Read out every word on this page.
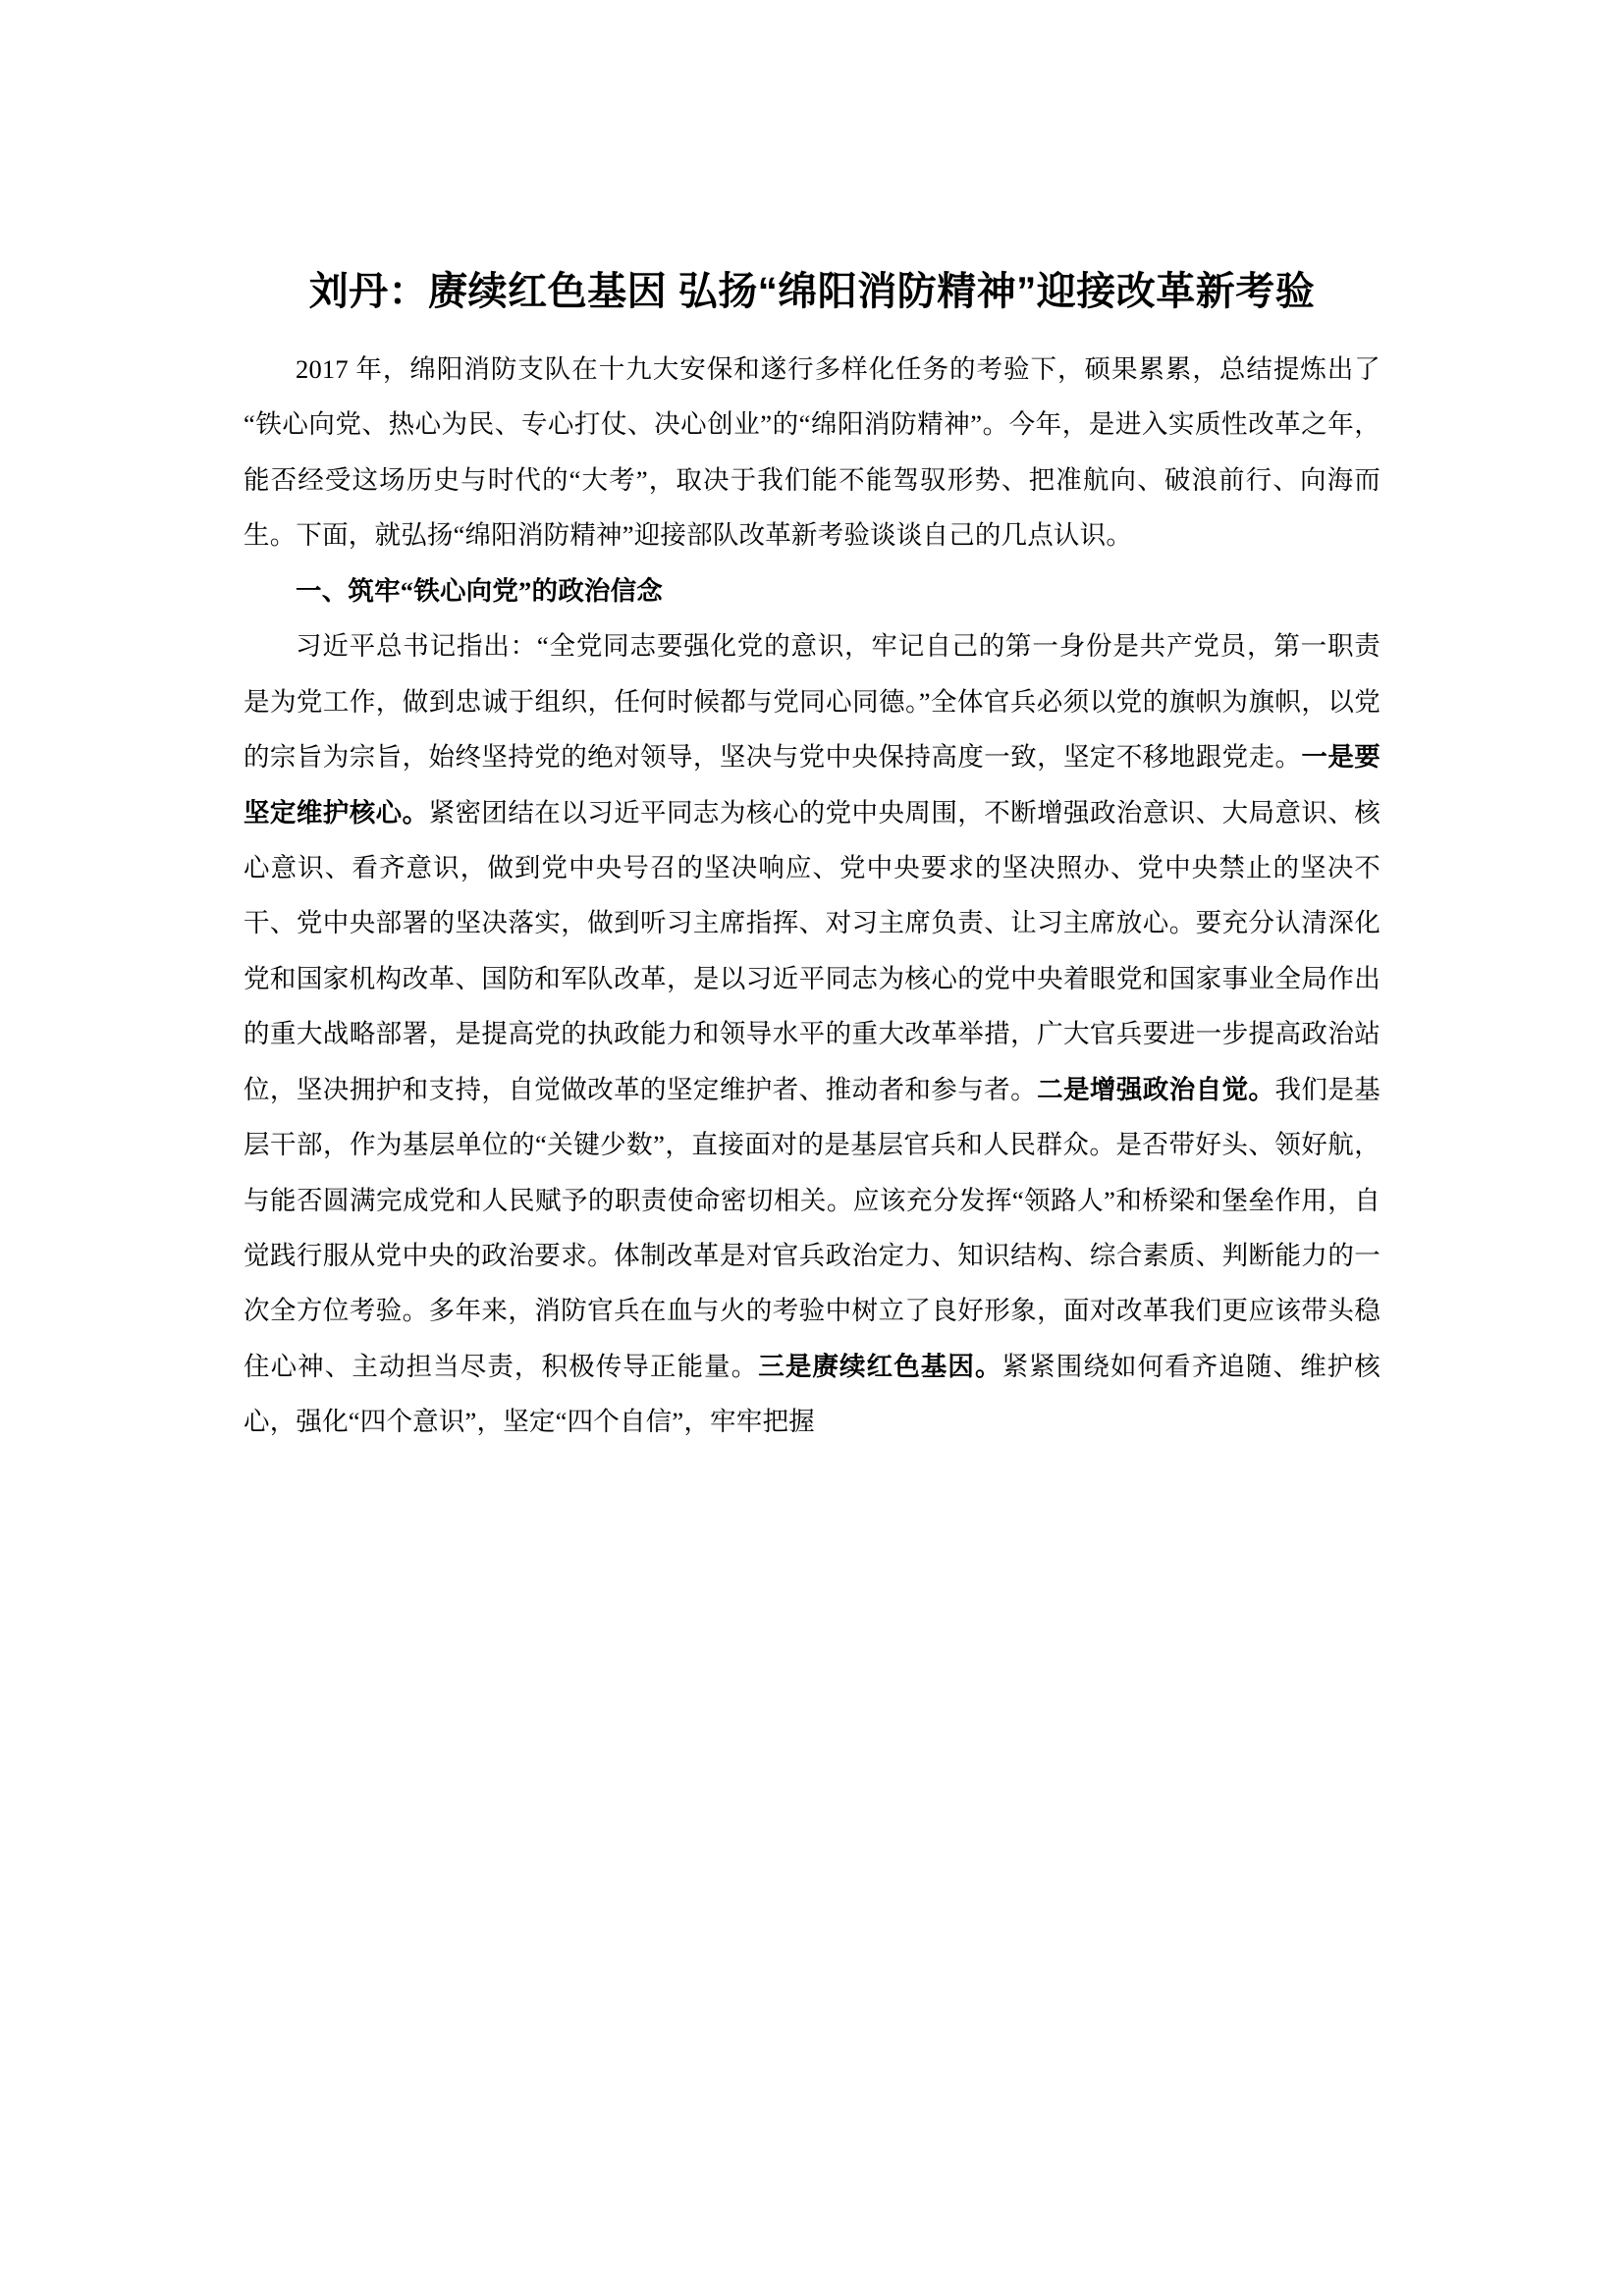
刘丹：赓续红色基因 弘扬“绵阳消防精神”迎接改革新考验

2017 年，绵阳消防支队在十九大安保和遂行多样化任务的考验下，硕果累累，总结提炼出了“铁心向党、热心为民、专心打仗、决心创业”的“绵阳消防精神”。今年，是进入实质性改革之年，能否经受这场历史与时代的“大考”，取决于我们能不能驾驭形势、把准航向、破浪前行、向海而生。下面，就弘扬“绵阳消防精神”迎接部队改革新考验谈谈自己的几点认识。

一、筑牢“铁心向党”的政治信念

习近平总书记指出：“全党同志要强化党的意识，牢记自己的第一身份是共产党员，第一职责是为党工作，做到忠诚于组织，任何时候都与党同心同德。”全体官兵必须以党的旗帜为旗帜，以党的宗旨为宗旨，始终坚持党的绝对领导，坚决与党中央保持高度一致，坚定不移地跟党走。一是要坚定维护核心。紧密团结在以习近平同志为核心的党中央周围，不断增强政治意识、大局意识、核心意识、看齐意识，做到党中央号召的坚决响应、党中央要求的坚决照办、党中央禁止的坚决不干、党中央部署的坚决落实，做到听习主席指挥、对习主席负责、让习主席放心。要充分认清深化党和国家机构改革、国防和军队改革，是以习近平同志为核心的党中央着眼党和国家事业全局作出的重大战略部署，是提高党的执政能力和领导水平的重大改革举措，广大官兵要进一步提高政治站位，坚决拥护和支持，自觉做改革的坚定维护者、推动者和参与者。二是增强政治自觉。我们是基层干部，作为基层单位的“关键少数”，直接面对的是基层官兵和人民群众。是否带好头、领好航，与能否圆满完成党和人民赋予的职责使命密切相关。应该充分发挥“领路人”和桥梁和堡垒作用，自觉践行服从党中央的政治要求。体制改革是对官兵政治定力、知识结构、综合素质、判断能力的一次全方位考验。多年来，消防官兵在血与火的考验中树立了良好形象，面对改革我们更应该带头稳住心神、主动担当尽责，积极传导正能量。三是赓续红色基因。紧紧围绕如何看齐追随、维护核心，强化“四个意识”，坚定“四个自信”，牢牢把握
